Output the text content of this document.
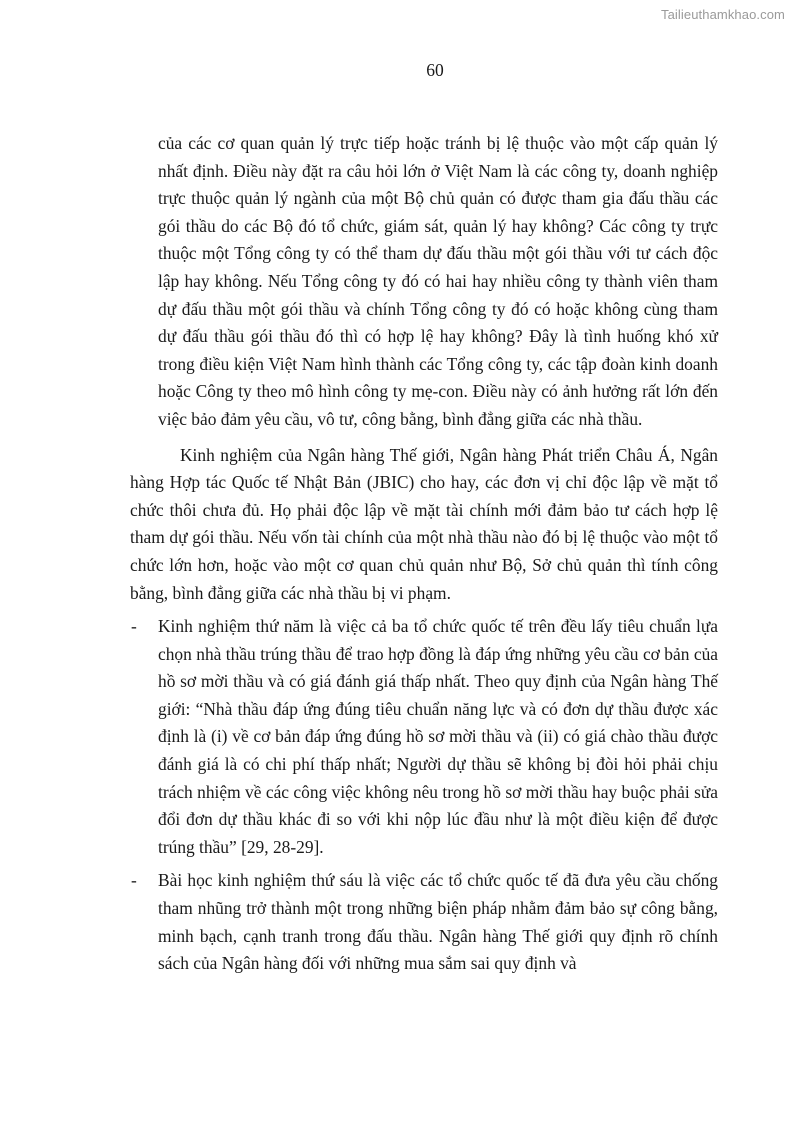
Tailieuthamkhao.com
60

của các cơ quan quản lý trực tiếp hoặc tránh bị lệ thuộc vào một cấp quản lý nhất định. Điều này đặt ra câu hỏi lớn ở Việt Nam là các công ty, doanh nghiệp trực thuộc quản lý ngành của một Bộ chủ quản có được tham gia đấu thầu các gói thầu do các Bộ đó tổ chức, giám sát, quản lý hay không? Các công ty trực thuộc một Tổng công ty có thể tham dự đấu thầu một gói thầu với tư cách độc lập hay không. Nếu Tổng công ty đó có hai hay nhiều công ty thành viên tham dự đấu thầu một gói thầu và chính Tổng công ty đó có hoặc không cùng tham dự đấu thầu gói thầu đó thì có hợp lệ hay không? Đây là tình huống khó xử trong điều kiện Việt Nam hình thành các Tổng công ty, các tập đoàn kinh doanh hoặc Công ty theo mô hình công ty mẹ-con. Điều này có ảnh hưởng rất lớn đến việc bảo đảm yêu cầu, vô tư, công bằng, bình đẳng giữa các nhà thầu.

Kinh nghiệm của Ngân hàng Thế giới, Ngân hàng Phát triển Châu Á, Ngân hàng Hợp tác Quốc tế Nhật Bản (JBIC) cho hay, các đơn vị chỉ độc lập về mặt tổ chức thôi chưa đủ. Họ phải độc lập về mặt tài chính mới đảm bảo tư cách hợp lệ tham dự gói thầu. Nếu vốn tài chính của một nhà thầu nào đó bị lệ thuộc vào một tổ chức lớn hơn, hoặc vào một cơ quan chủ quản như Bộ, Sở chủ quản thì tính công bằng, bình đẳng giữa các nhà thầu bị vi phạm.

- Kinh nghiệm thứ năm là việc cả ba tổ chức quốc tế trên đều lấy tiêu chuẩn lựa chọn nhà thầu trúng thầu để trao hợp đồng là đáp ứng những yêu cầu cơ bản của hồ sơ mời thầu và có giá đánh giá thấp nhất. Theo quy định của Ngân hàng Thế giới: “Nhà thầu đáp ứng đúng tiêu chuẩn năng lực và có đơn dự thầu được xác định là (i) về cơ bản đáp ứng đúng hồ sơ mời thầu và (ii) có giá chào thầu được đánh giá là có chi phí thấp nhất; Người dự thầu sẽ không bị đòi hỏi phải chịu trách nhiệm về các công việc không nêu trong hồ sơ mời thầu hay buộc phải sửa đổi đơn dự thầu khác đi so với khi nộp lúc đầu như là một điều kiện để được trúng thầu” [29, 28-29].
- Bài học kinh nghiệm thứ sáu là việc các tổ chức quốc tế đã đưa yêu cầu chống tham nhũng trở thành một trong những biện pháp nhằm đảm bảo sự công bằng, minh bạch, cạnh tranh trong đấu thầu. Ngân hàng Thế giới quy định rõ chính sách của Ngân hàng đối với những mua sắm sai quy định và
